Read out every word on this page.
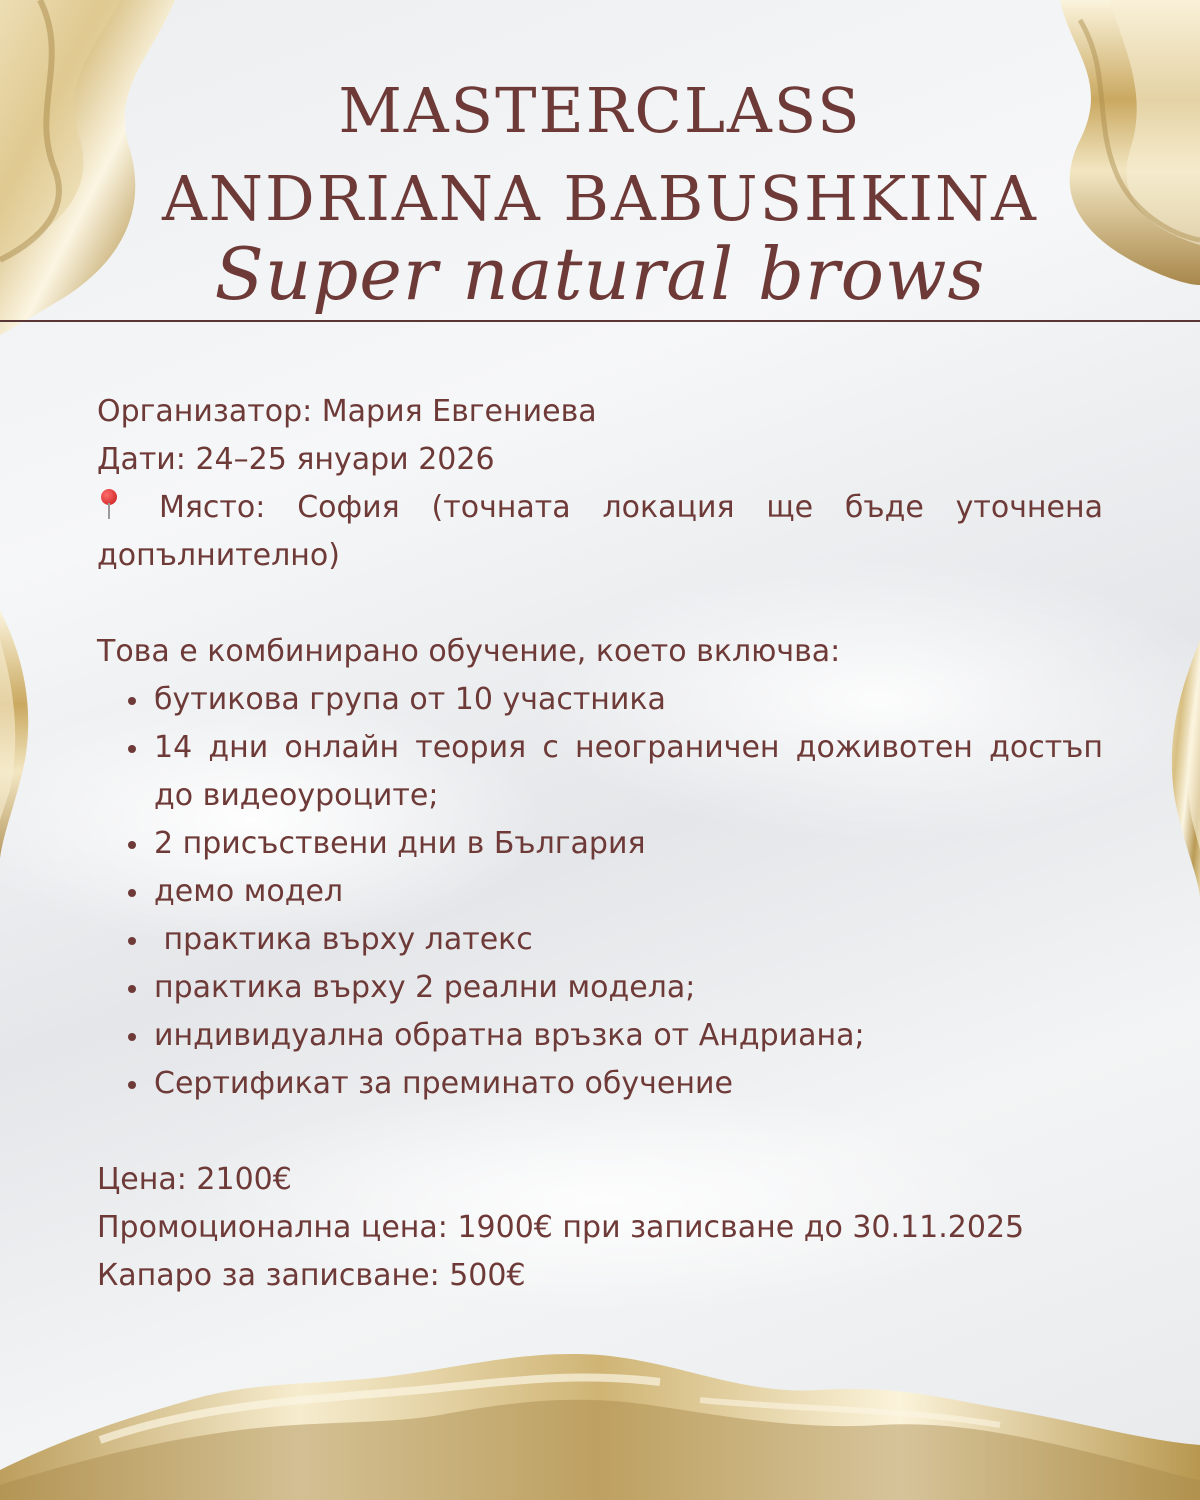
MASTERCLASS
ANDRIANA BABUSHKINA
Super natural brows

Организатор: Мария Евгениева

Дати: 24–25 януари 2026

Място: София (точната локация ще бъде уточнена допълнително)

Това е комбинирано обучение, което включва:

бутикова група от 10 участника
14 дни онлайн теория с неограничен доживотен достъп до видеоуроците;
2 присъствени дни в България
демо модел
практика върху латекс
практика върху 2 реални модела;
индивидуална обратна връзка от Андриана;
Сертификат за преминато обучение

Цена: 2100€

Промоционална цена: 1900€ при записване до 30.11.2025

Капаро за записване: 500€
